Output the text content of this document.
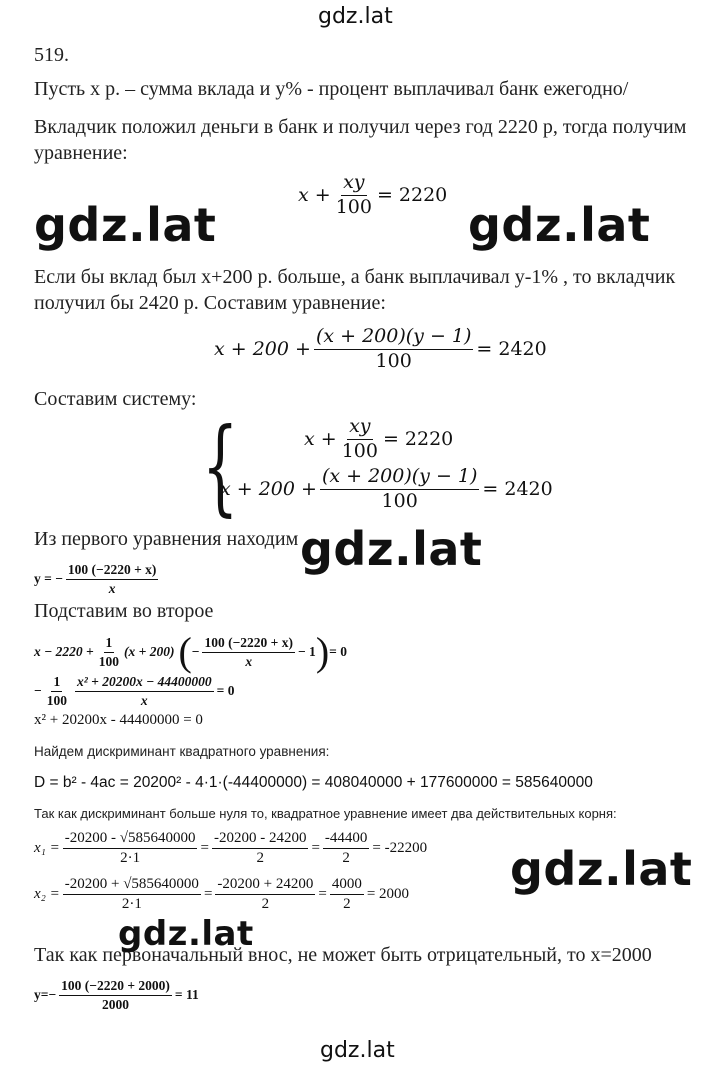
gdz.lat
gdz.lat
519.
Пусть x р. – сумма вклада и y% - процент выплачивал банк ежегодно/
Вкладчик положил деньги в банк и получил через год 2220 р, тогда получим
уравнение:
$x + \frac{xy}{100} = 2220$
gdz.lat	gdz.lat
Если бы вклад был x+200 р. больше, а банк выплачивал y-1% , то вкладчик
получил бы 2420 р. Составим уравнение:
$x + 200 + \frac{(x + 200)(y - 1)}{100} = 2420$
Составим систему:
{	$x + \frac{xy}{100} = 2220$
$x + 200 + \frac{(x + 200)(y - 1)}{100} = 2420$
Из первого уравнения находим gdz.lat
y = − $\frac{100 (-2220 + x)}{x}$
Подставим во второе
$x - 2220 + \frac{1}{100} (x + 200)$ ( − $\frac{100 (-2220 + x)}{x} - 1$ ) = 0
− $\frac{1}{100} \frac{\text{x² + 20200x − 44400000}}{x} = 0$
x² + 20200x - 44400000 = 0
Найдем дискриминант квадратного уравнения:
D = b² - 4ac = 20200² - 4·1·(-44400000) = 408040000 + 177600000 = 585640000
Так как дискриминант больше нуля то, квадратное уравнение имеет два действительных корня:
$x_1 = \frac{-20200 - √585640000}{2\cdot 1} = \frac{-20200 - 24200}{2} = \frac{-44400}{2} = -22200$ gdz.lat
$x_2 = \frac{-20200 + √585640000}{2\cdot 1} = \frac{-20200 + 24200}{2} = \frac{4000}{2} = 2000$
Так как первоначальный внос, не может быть отрицательный, то x=2000
gdz.lat
$y=- \frac{100 (-2220 + 2000)}{2000} = 11$
